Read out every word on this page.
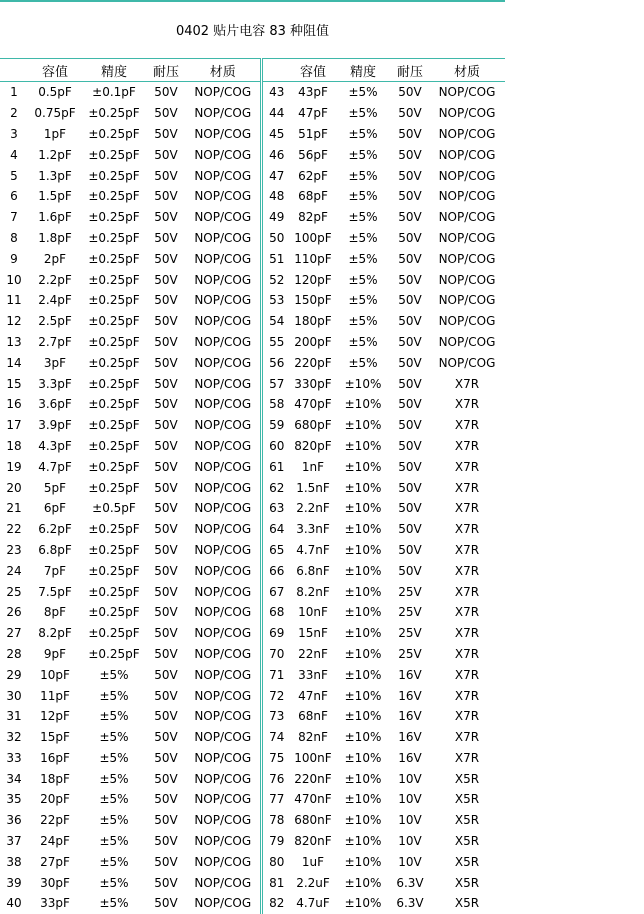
0402 贴片电容 83 种阻值
	容值	精度	耐压	材质		容值	精度	耐压	材质
1	0.5pF	±0.1pF	50V	NOP/COG	43	43pF	±5%	50V	NOP/COG
2	0.75pF	±0.25pF	50V	NOP/COG	44	47pF	±5%	50V	NOP/COG
3	1pF	±0.25pF	50V	NOP/COG	45	51pF	±5%	50V	NOP/COG
4	1.2pF	±0.25pF	50V	NOP/COG	46	56pF	±5%	50V	NOP/COG
5	1.3pF	±0.25pF	50V	NOP/COG	47	62pF	±5%	50V	NOP/COG
6	1.5pF	±0.25pF	50V	NOP/COG	48	68pF	±5%	50V	NOP/COG
7	1.6pF	±0.25pF	50V	NOP/COG	49	82pF	±5%	50V	NOP/COG
8	1.8pF	±0.25pF	50V	NOP/COG	50	100pF	±5%	50V	NOP/COG
9	2pF	±0.25pF	50V	NOP/COG	51	110pF	±5%	50V	NOP/COG
10	2.2pF	±0.25pF	50V	NOP/COG	52	120pF	±5%	50V	NOP/COG
11	2.4pF	±0.25pF	50V	NOP/COG	53	150pF	±5%	50V	NOP/COG
12	2.5pF	±0.25pF	50V	NOP/COG	54	180pF	±5%	50V	NOP/COG
13	2.7pF	±0.25pF	50V	NOP/COG	55	200pF	±5%	50V	NOP/COG
14	3pF	±0.25pF	50V	NOP/COG	56	220pF	±5%	50V	NOP/COG
15	3.3pF	±0.25pF	50V	NOP/COG	57	330pF	±10%	50V	X7R
16	3.6pF	±0.25pF	50V	NOP/COG	58	470pF	±10%	50V	X7R
17	3.9pF	±0.25pF	50V	NOP/COG	59	680pF	±10%	50V	X7R
18	4.3pF	±0.25pF	50V	NOP/COG	60	820pF	±10%	50V	X7R
19	4.7pF	±0.25pF	50V	NOP/COG	61	1nF	±10%	50V	X7R
20	5pF	±0.25pF	50V	NOP/COG	62	1.5nF	±10%	50V	X7R
21	6pF	±0.5pF	50V	NOP/COG	63	2.2nF	±10%	50V	X7R
22	6.2pF	±0.25pF	50V	NOP/COG	64	3.3nF	±10%	50V	X7R
23	6.8pF	±0.25pF	50V	NOP/COG	65	4.7nF	±10%	50V	X7R
24	7pF	±0.25pF	50V	NOP/COG	66	6.8nF	±10%	50V	X7R
25	7.5pF	±0.25pF	50V	NOP/COG	67	8.2nF	±10%	25V	X7R
26	8pF	±0.25pF	50V	NOP/COG	68	10nF	±10%	25V	X7R
27	8.2pF	±0.25pF	50V	NOP/COG	69	15nF	±10%	25V	X7R
28	9pF	±0.25pF	50V	NOP/COG	70	22nF	±10%	25V	X7R
29	10pF	±5%	50V	NOP/COG	71	33nF	±10%	16V	X7R
30	11pF	±5%	50V	NOP/COG	72	47nF	±10%	16V	X7R
31	12pF	±5%	50V	NOP/COG	73	68nF	±10%	16V	X7R
32	15pF	±5%	50V	NOP/COG	74	82nF	±10%	16V	X7R
33	16pF	±5%	50V	NOP/COG	75	100nF	±10%	16V	X7R
34	18pF	±5%	50V	NOP/COG	76	220nF	±10%	10V	X5R
35	20pF	±5%	50V	NOP/COG	77	470nF	±10%	10V	X5R
36	22pF	±5%	50V	NOP/COG	78	680nF	±10%	10V	X5R
37	24pF	±5%	50V	NOP/COG	79	820nF	±10%	10V	X5R
38	27pF	±5%	50V	NOP/COG	80	1uF	±10%	10V	X5R
39	30pF	±5%	50V	NOP/COG	81	2.2uF	±10%	6.3V	X5R
40	33pF	±5%	50V	NOP/COG	82	4.7uF	±10%	6.3V	X5R
